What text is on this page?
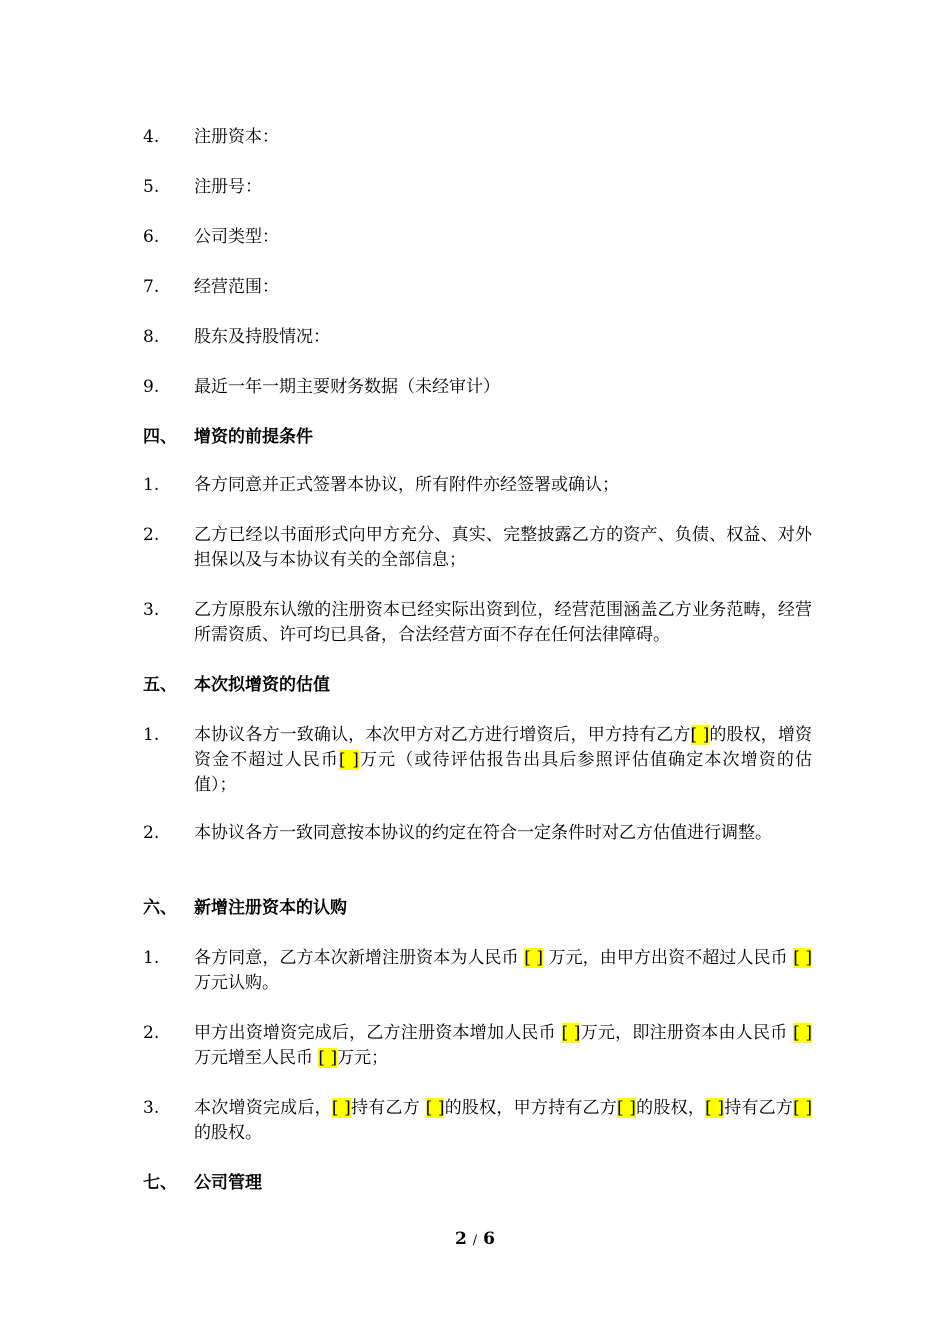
4.	注册资本：
5.	注册号：
6.	公司类型：
7.	经营范围：
8.	股东及持股情况：
9.	最近一年一期主要财务数据（未经审计）
四、	增资的前提条件
1.	各方同意并正式签署本协议，所有附件亦经签署或确认；
2.	乙方已经以书面形式向甲方充分、真实、完整披露乙方的资产、负债、权益、对外担保以及与本协议有关的全部信息；
3.	乙方原股东认缴的注册资本已经实际出资到位，经营范围涵盖乙方业务范畴，经营所需资质、许可均已具备，合法经营方面不存在任何法律障碍。
五、	本次拟增资的估值
1.	本协议各方一致确认，本次甲方对乙方进行增资后，甲方持有乙方[ ]的股权，增资资金不超过人民币[ ]万元（或待评估报告出具后参照评估值确定本次增资的估值）；
2.	本协议各方一致同意按本协议的约定在符合一定条件时对乙方估值进行调整。
六、	新增注册资本的认购
1.	各方同意，乙方本次新增注册资本为人民币 [ ] 万元，由甲方出资不超过人民币 [ ]万元认购。
2.	甲方出资增资完成后，乙方注册资本增加人民币 [ ]万元，即注册资本由人民币 [ ] 万元增至人民币 [ ]万元；
3.	本次增资完成后，[ ]持有乙方 [ ]的股权，甲方持有乙方[ ]的股权，[ ]持有乙方[ ]的股权。
七、	公司管理
2 / 6
